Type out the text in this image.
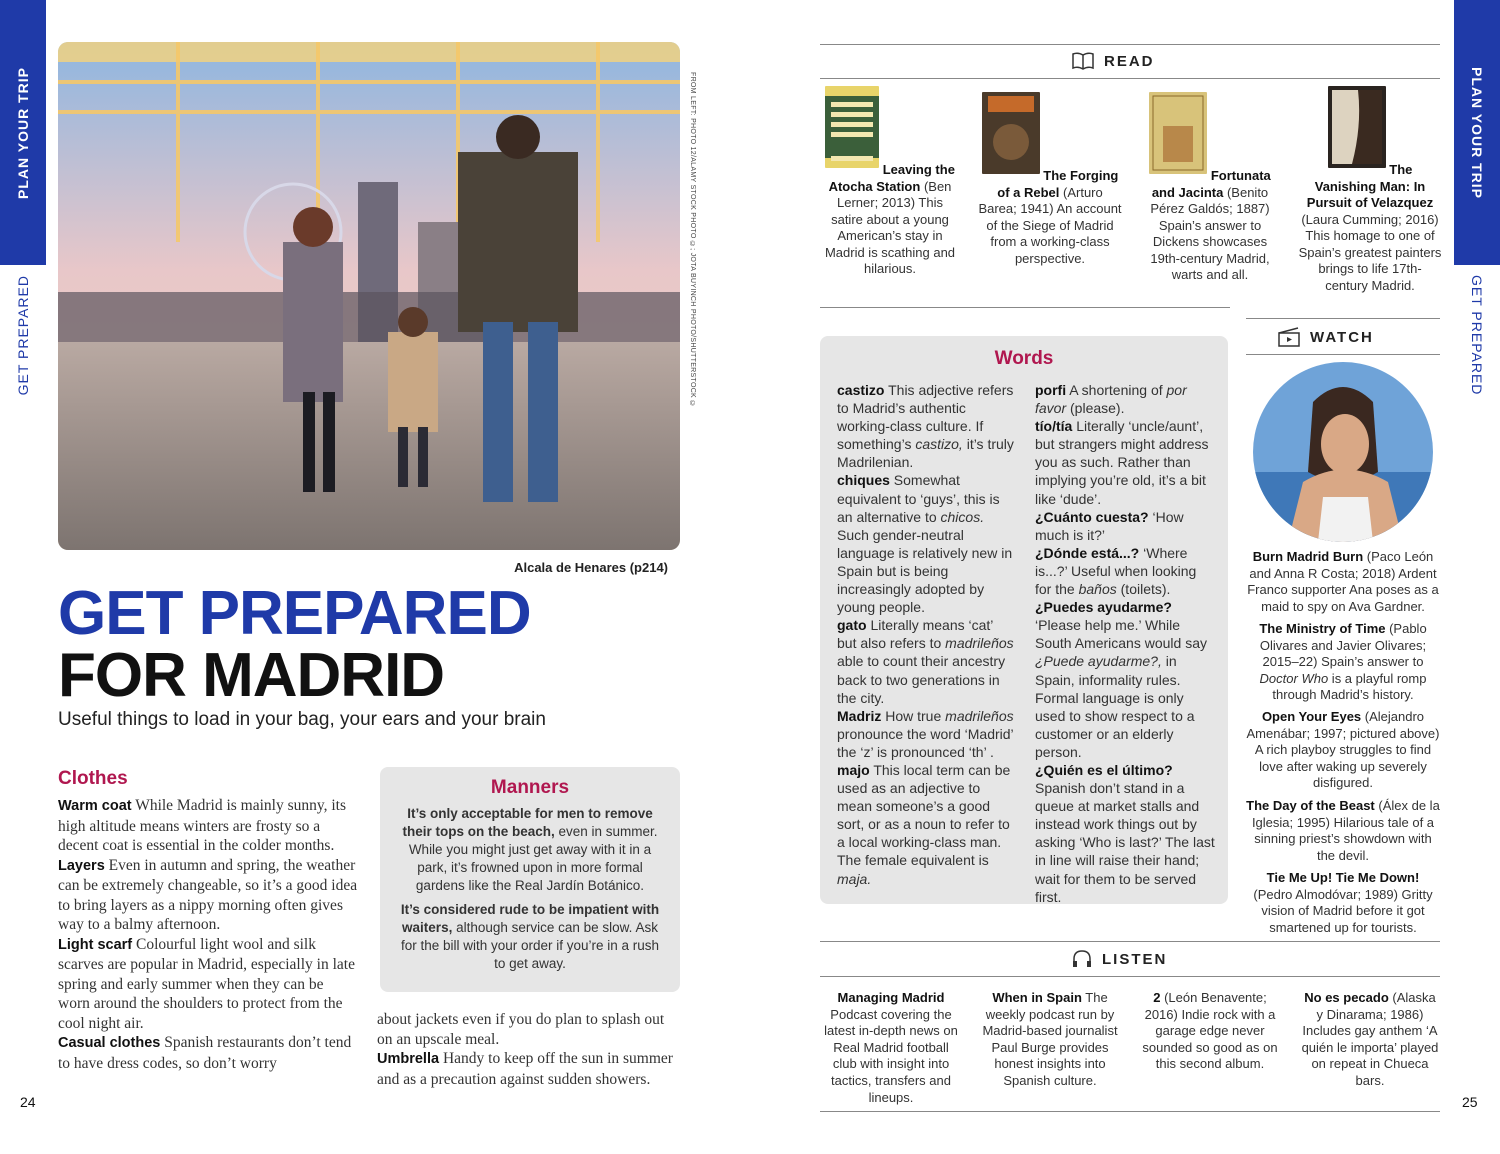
PLAN YOUR TRIP
GET PREPARED
PLAN YOUR TRIP
GET PREPARED
FROM LEFT: PHOTO 12/ALAMY STOCK PHOTO ©; JOTA BUYINCH PHOTO/SHUTTERSTOCK ©
Alcala de Henares (p214)
GET PREPARED
FOR MADRID
Useful things to load in your bag, your ears and your brain
Clothes
Warm coat While Madrid is mainly sunny, its high altitude means winters are frosty so a decent coat is essential in the colder months.
Layers Even in autumn and spring, the weather can be extremely changeable, so it’s a good idea to bring layers as a nippy morning often gives way to a balmy afternoon.
Light scarf Colourful light wool and silk scarves are popular in Madrid, especially in late spring and early summer when they can be worn around the shoulders to protect from the cool night air.
Casual clothes Spanish restaurants don’t tend to have dress codes, so don’t worry
about jackets even if you do plan to splash out on an upscale meal.
Umbrella Handy to keep off the sun in summer and as a precaution against sudden showers.
Manners

It’s only acceptable for men to remove their tops on the beach, even in summer. While you might just get away with it in a park, it’s frowned upon in more formal gardens like the Real Jardín Botánico.

It’s considered rude to be impatient with waiters, although service can be slow. Ask for the bill with your order if you’re in a rush to get away.

24	25
READ
Leaving the Atocha Station (Ben Lerner; 2013) This satire about a young American’s stay in Madrid is scathing and hilarious.
The Forging of a Rebel (Arturo Barea; 1941) An account of the Siege of Madrid from a working-class perspective.
Fortunata and Jacinta (Benito Pérez Galdós; 1887) Spain’s answer to Dickens showcases 19th-century Madrid, warts and all.
The Vanishing Man: In Pursuit of Velazquez (Laura Cumming; 2016) This homage to one of Spain’s greatest painters brings to life 17th-century Madrid.
Words
castizo This adjective refers to Madrid’s authentic working-class culture. If something’s castizo, it’s truly Madrilenian.
chiques Somewhat equivalent to ‘guys’, this is an alternative to chicos. Such gender-neutral language is relatively new in Spain but is being increasingly adopted by young people.
gato Literally means ‘cat’ but also refers to madrileños able to count their ancestry back to two generations in the city.
Madriz How true madrileños pronounce the word ‘Madrid’ the ‘z’ is pronounced ‘th’ .
majo This local term can be used as an adjective to mean someone’s a good sort, or as a noun to refer to a local working-class man. The female equivalent is maja.
porfi A shortening of por favor (please).
tío/tía Literally ‘uncle/aunt’, but strangers might address you as such. Rather than implying you’re old, it’s a bit like ‘dude’.
¿Cuánto cuesta? ‘How much is it?’
¿Dónde está...? ‘Where is...?’ Useful when looking for the baños (toilets).
¿Puedes ayudarme? ‘Please help me.’ While South Americans would say ¿Puede ayudarme?, in Spain, informality rules. Formal language is only used to show respect to a customer or an elderly person.
¿Quién es el último? Spanish don’t stand in a queue at market stalls and instead work things out by asking ‘Who is last?’ The last in line will raise their hand; wait for them to be served first.
WATCH
Burn Madrid Burn (Paco León and Anna R Costa; 2018) Ardent Franco supporter Ana poses as a maid to spy on Ava Gardner.
The Ministry of Time (Pablo Olivares and Javier Olivares; 2015–22) Spain’s answer to Doctor Who is a playful romp through Madrid’s history.
Open Your Eyes (Alejandro Amenábar; 1997; pictured above) A rich playboy struggles to find love after waking up severely disfigured.
The Day of the Beast (Álex de la Iglesia; 1995) Hilarious tale of a sinning priest’s showdown with the devil.
Tie Me Up! Tie Me Down! (Pedro Almodóvar; 1989) Gritty vision of Madrid before it got smartened up for tourists.
LISTEN
Managing Madrid Podcast covering the latest in-depth news on Real Madrid football club with insight into tactics, transfers and lineups.
When in Spain The weekly podcast run by Madrid-based journalist Paul Burge provides honest insights into Spanish culture.
2 (León Benavente; 2016) Indie rock with a garage edge never sounded so good as on this second album.
No es pecado (Alaska y Dinarama; 1986) Includes gay anthem ‘A quién le importa’ played on repeat in Chueca bars.
